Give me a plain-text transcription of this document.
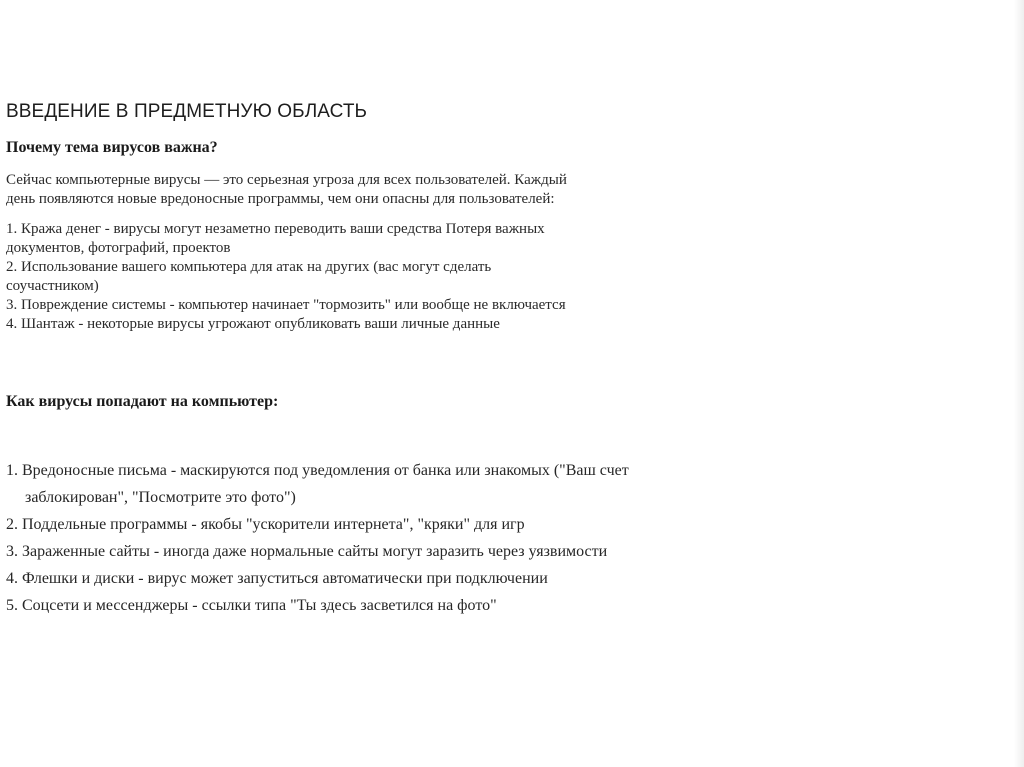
ВВЕДЕНИЕ В ПРЕДМЕТНУЮ ОБЛАСТЬ
Почему тема вирусов важна?
Сейчас компьютерные вирусы — это серьезная угроза для всех пользователей. Каждый
день появляются новые вредоносные программы, чем они опасны для пользователей:
1. Кража денег - вирусы могут незаметно переводить ваши средства Потеря важных
документов, фотографий, проектов
2. Использование вашего компьютера для атак на других (вас могут сделать
соучастником)
3. Повреждение системы - компьютер начинает "тормозить" или вообще не включается
4. Шантаж - некоторые вирусы угрожают опубликовать ваши личные данные
Как вирусы попадают на компьютер:
1. Вредоносные письма - маскируются под уведомления от банка или знакомых ("Ваш счет
заблокирован", "Посмотрите это фото")
2. Поддельные программы - якобы "ускорители интернета", "кряки" для игр
3. Зараженные сайты - иногда даже нормальные сайты могут заразить через уязвимости
4. Флешки и диски - вирус может запуститься автоматически при подключении
5. Соцсети и мессенджеры - ссылки типа "Ты здесь засветился на фото"
